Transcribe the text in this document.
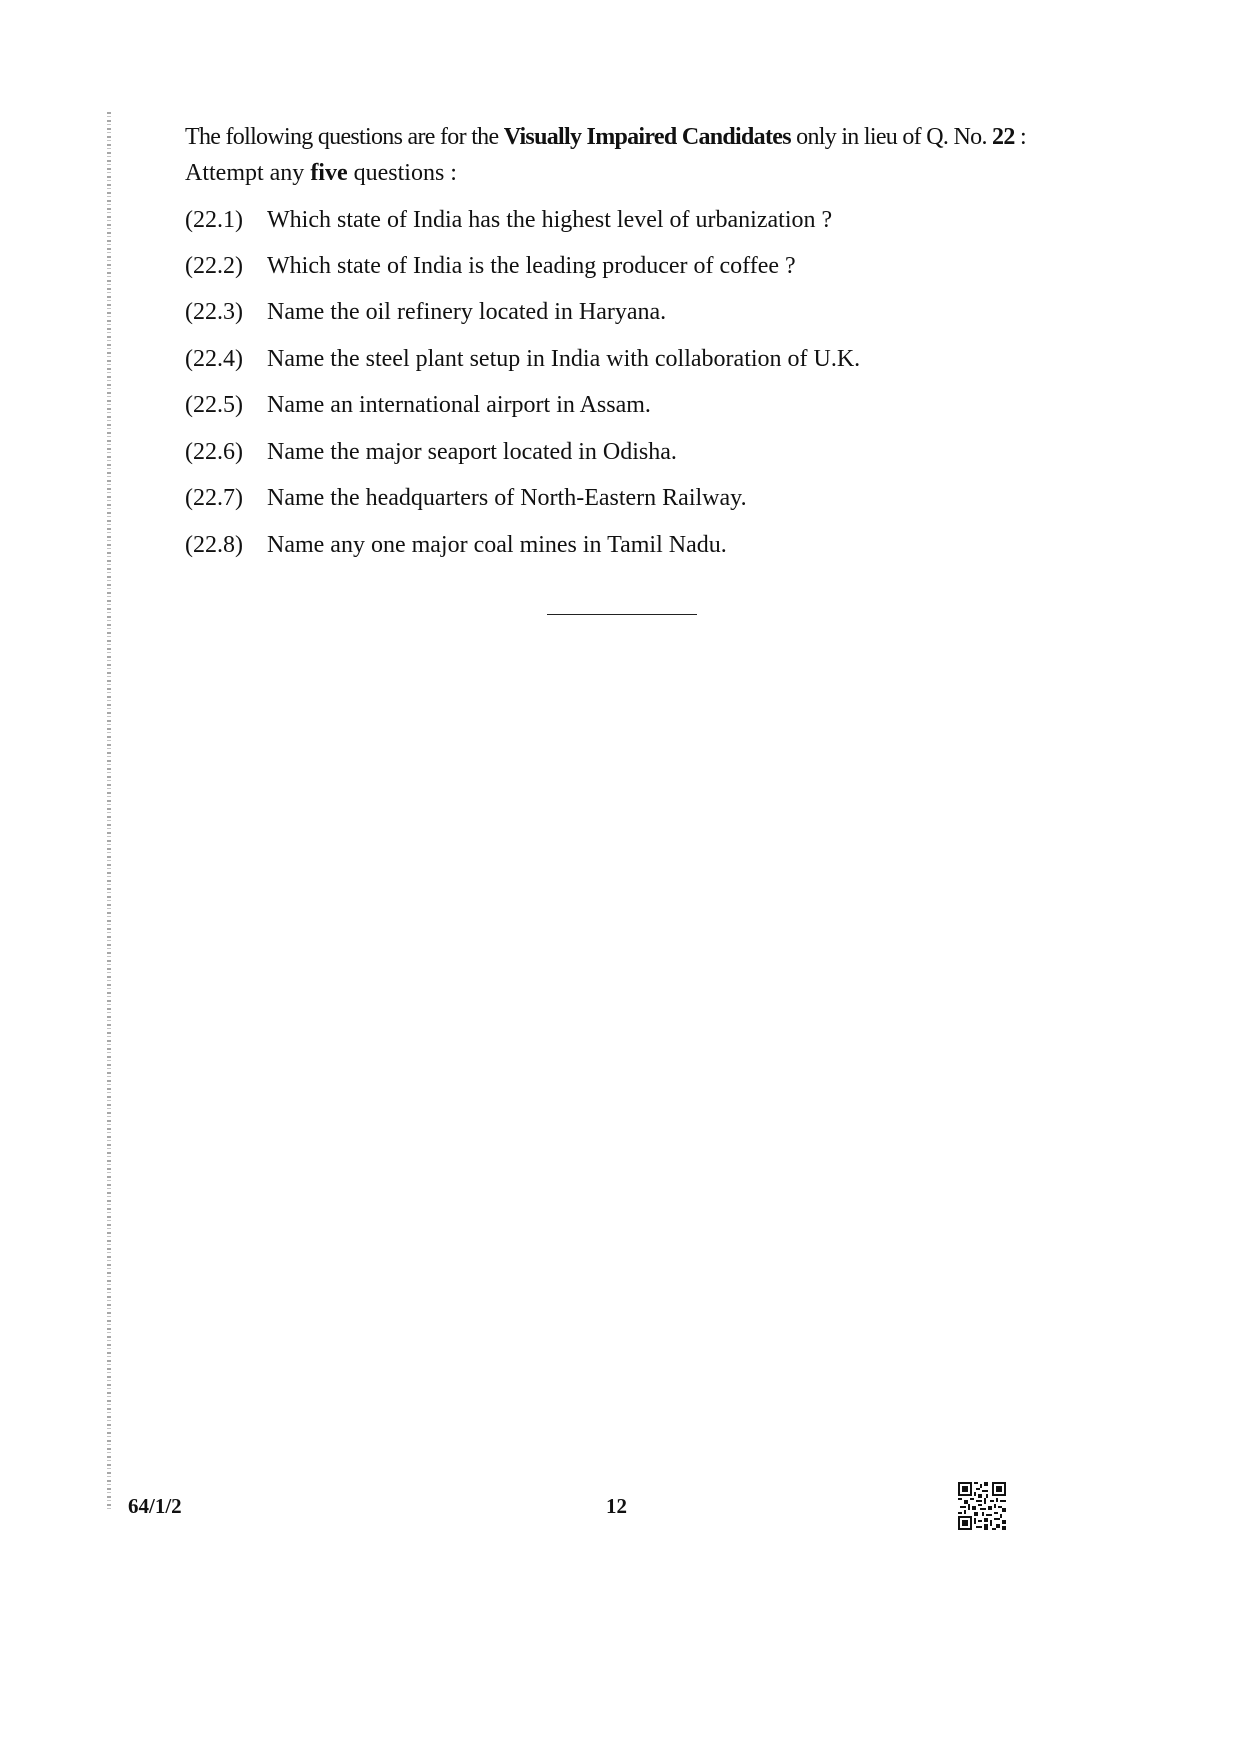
The following questions are for the Visually Impaired Candidates only in lieu of Q. No. 22 :
Attempt any five questions :
(22.1) Which state of India has the highest level of urbanization ?
(22.2) Which state of India is the leading producer of coffee ?
(22.3) Name the oil refinery located in Haryana.
(22.4) Name the steel plant setup in India with collaboration of U.K.
(22.5) Name an international airport in Assam.
(22.6) Name the major seaport located in Odisha.
(22.7) Name the headquarters of North-Eastern Railway.
(22.8) Name any one major coal mines in Tamil Nadu.
64/1/2	12
